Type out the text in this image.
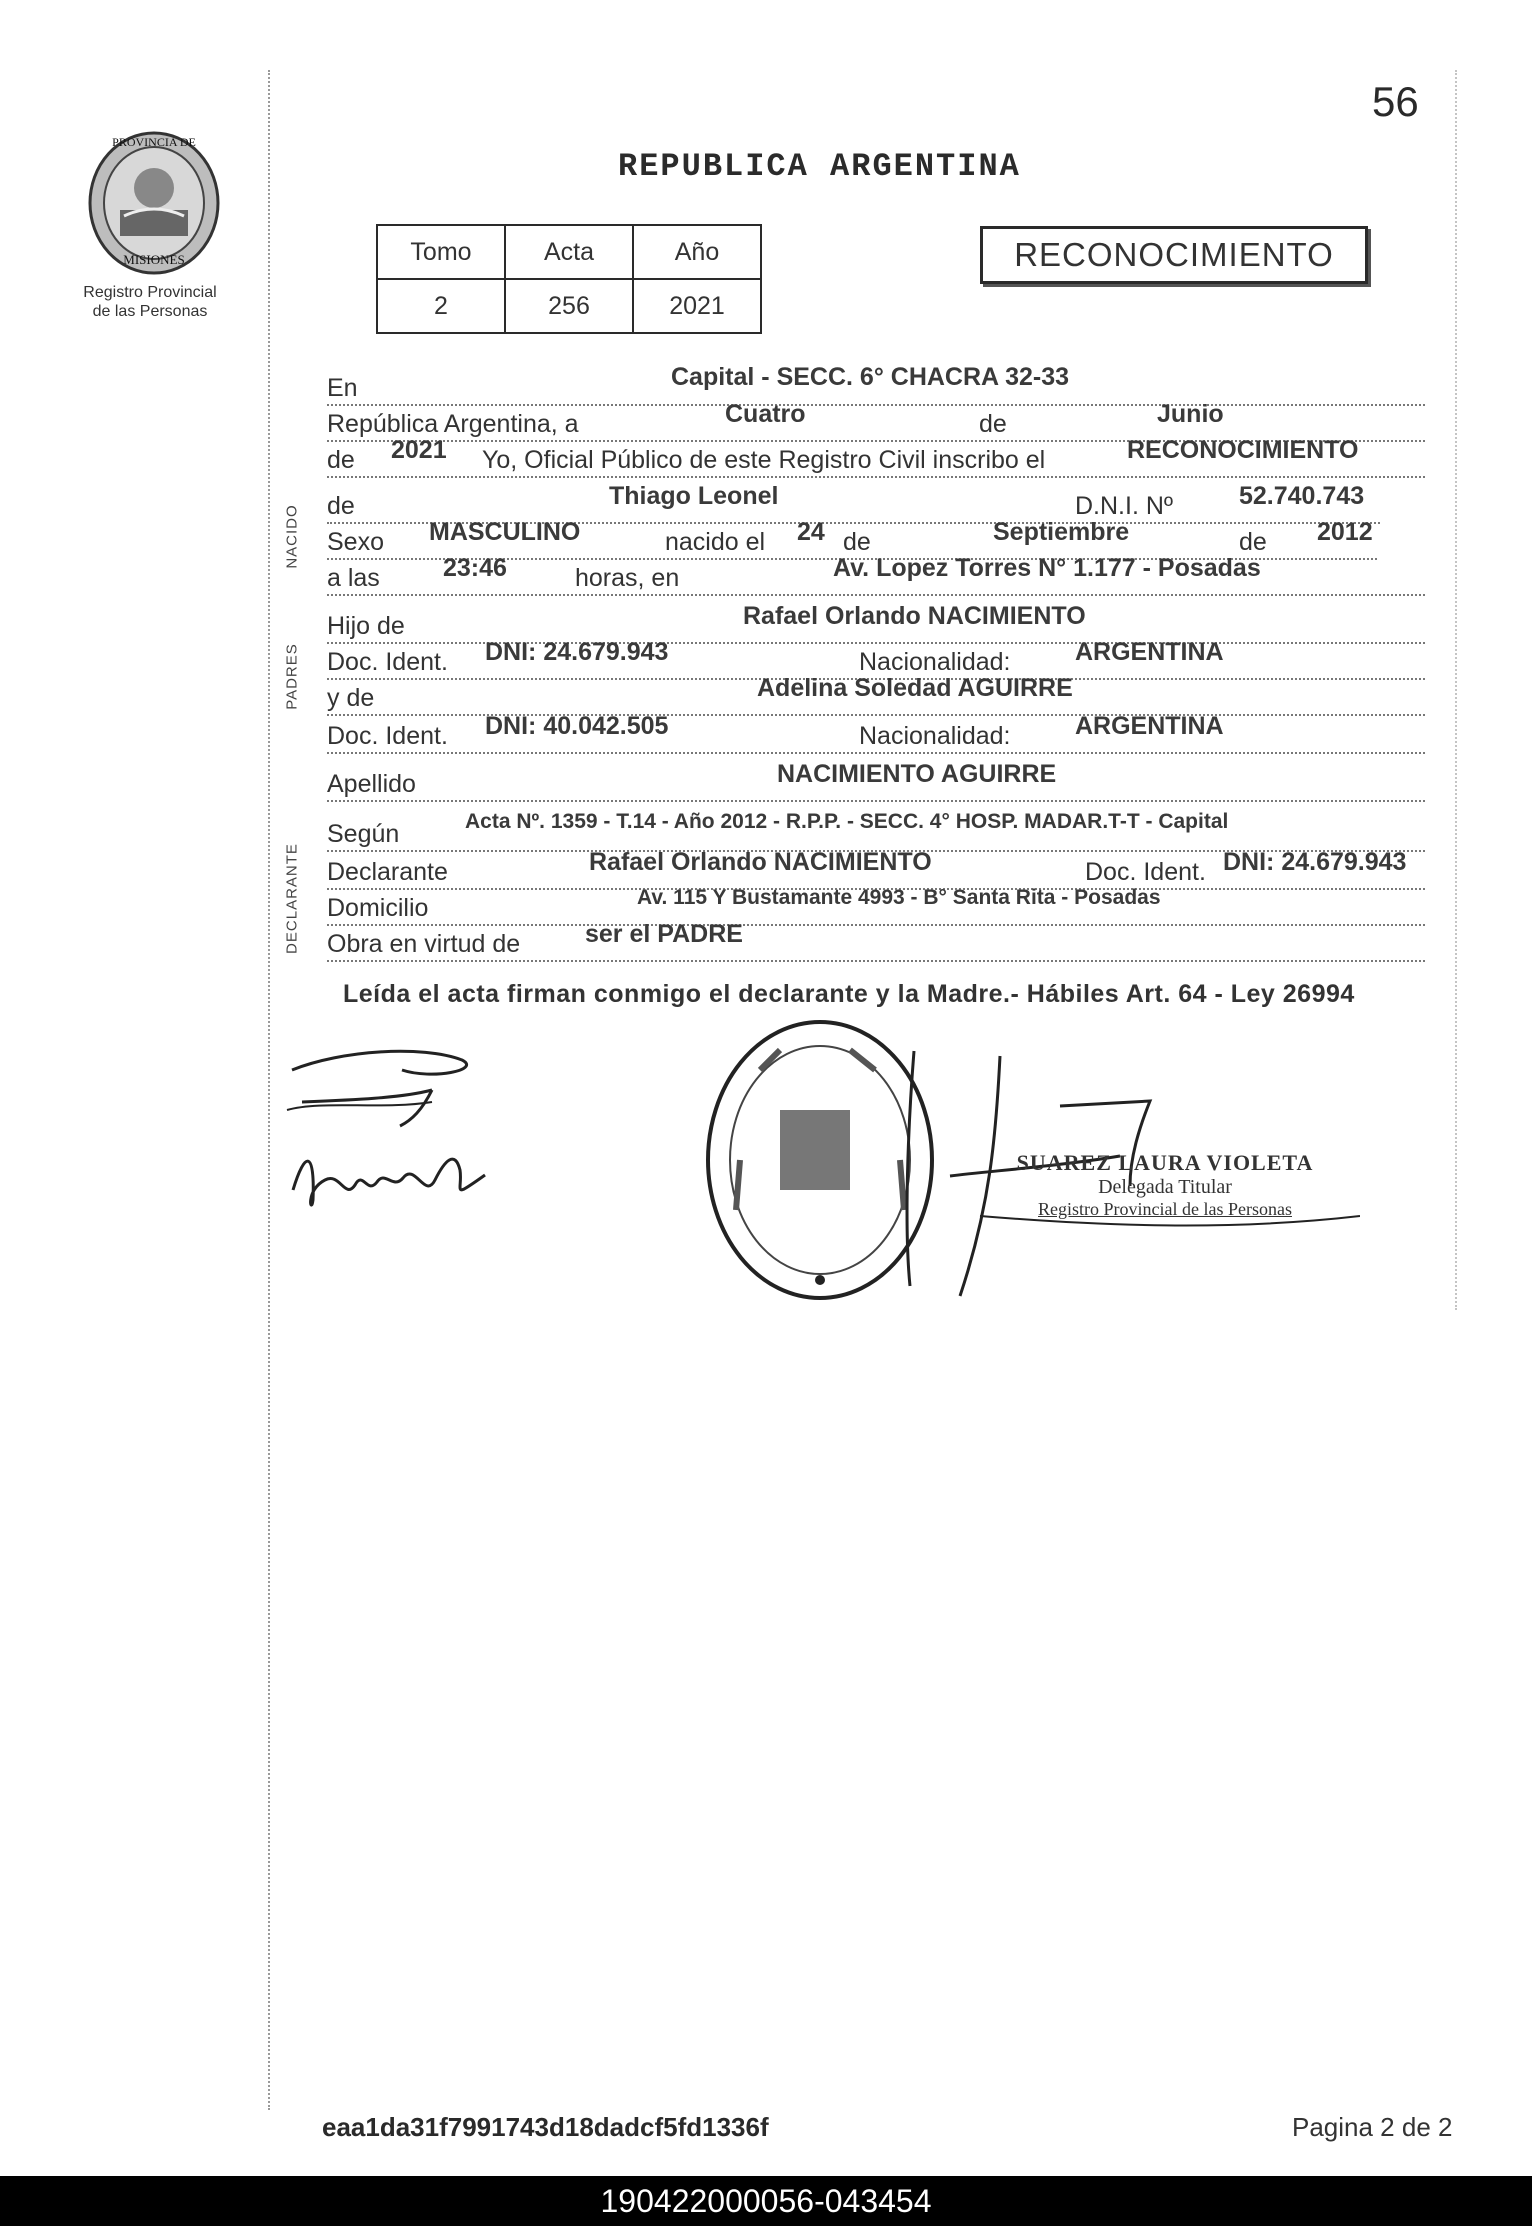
56
PROVINCIA DE
MISIONES
Registro Provincial
de las Personas
REPUBLICA ARGENTINA
Tomo	Acta	Año
2	256	2021
RECONOCIMIENTO
NACIDO
PADRES
DECLARANTE
En	Capital - SECC. 6° CHACRA 32-33
República Argentina, a	Cuatro	de	Junio
de 2021 Yo, Oficial Público de este Registro Civil inscribo el	RECONOCIMIENTO
de	Thiago Leonel	D.N.I. Nº	52.740.743
Sexo MASCULINO	nacido el 24 de	Septiembre	de 2012
a las	23:46	horas, en	Av. Lopez Torres N° 1.177 - Posadas
Hijo de	Rafael Orlando NACIMIENTO
Doc. Ident. DNI: 24.679.943	Nacionalidad:	ARGENTINA
y de	Adelina Soledad AGUIRRE
Doc. Ident. DNI: 40.042.505	Nacionalidad:	ARGENTINA
Apellido	NACIMIENTO AGUIRRE
Según	Acta Nº. 1359 - T.14 - Año 2012 - R.P.P. - SECC. 4° HOSP. MADAR.T-T - Capital
Declarante	Rafael Orlando NACIMIENTO	Doc. Ident. DNI: 24.679.943
Domicilio	Av. 115 Y Bustamante 4993 - B° Santa Rita - Posadas
Obra en virtud de	ser el PADRE
Leída el acta firman conmigo el declarante y la Madre.- Hábiles Art. 64 - Ley 26994
SUAREZ LAURA VIOLETA
Delegada Titular
Registro Provincial de las Personas
eaa1da31f7991743d18dadcf5fd1336f	Pagina 2 de 2
190422000056-043454
